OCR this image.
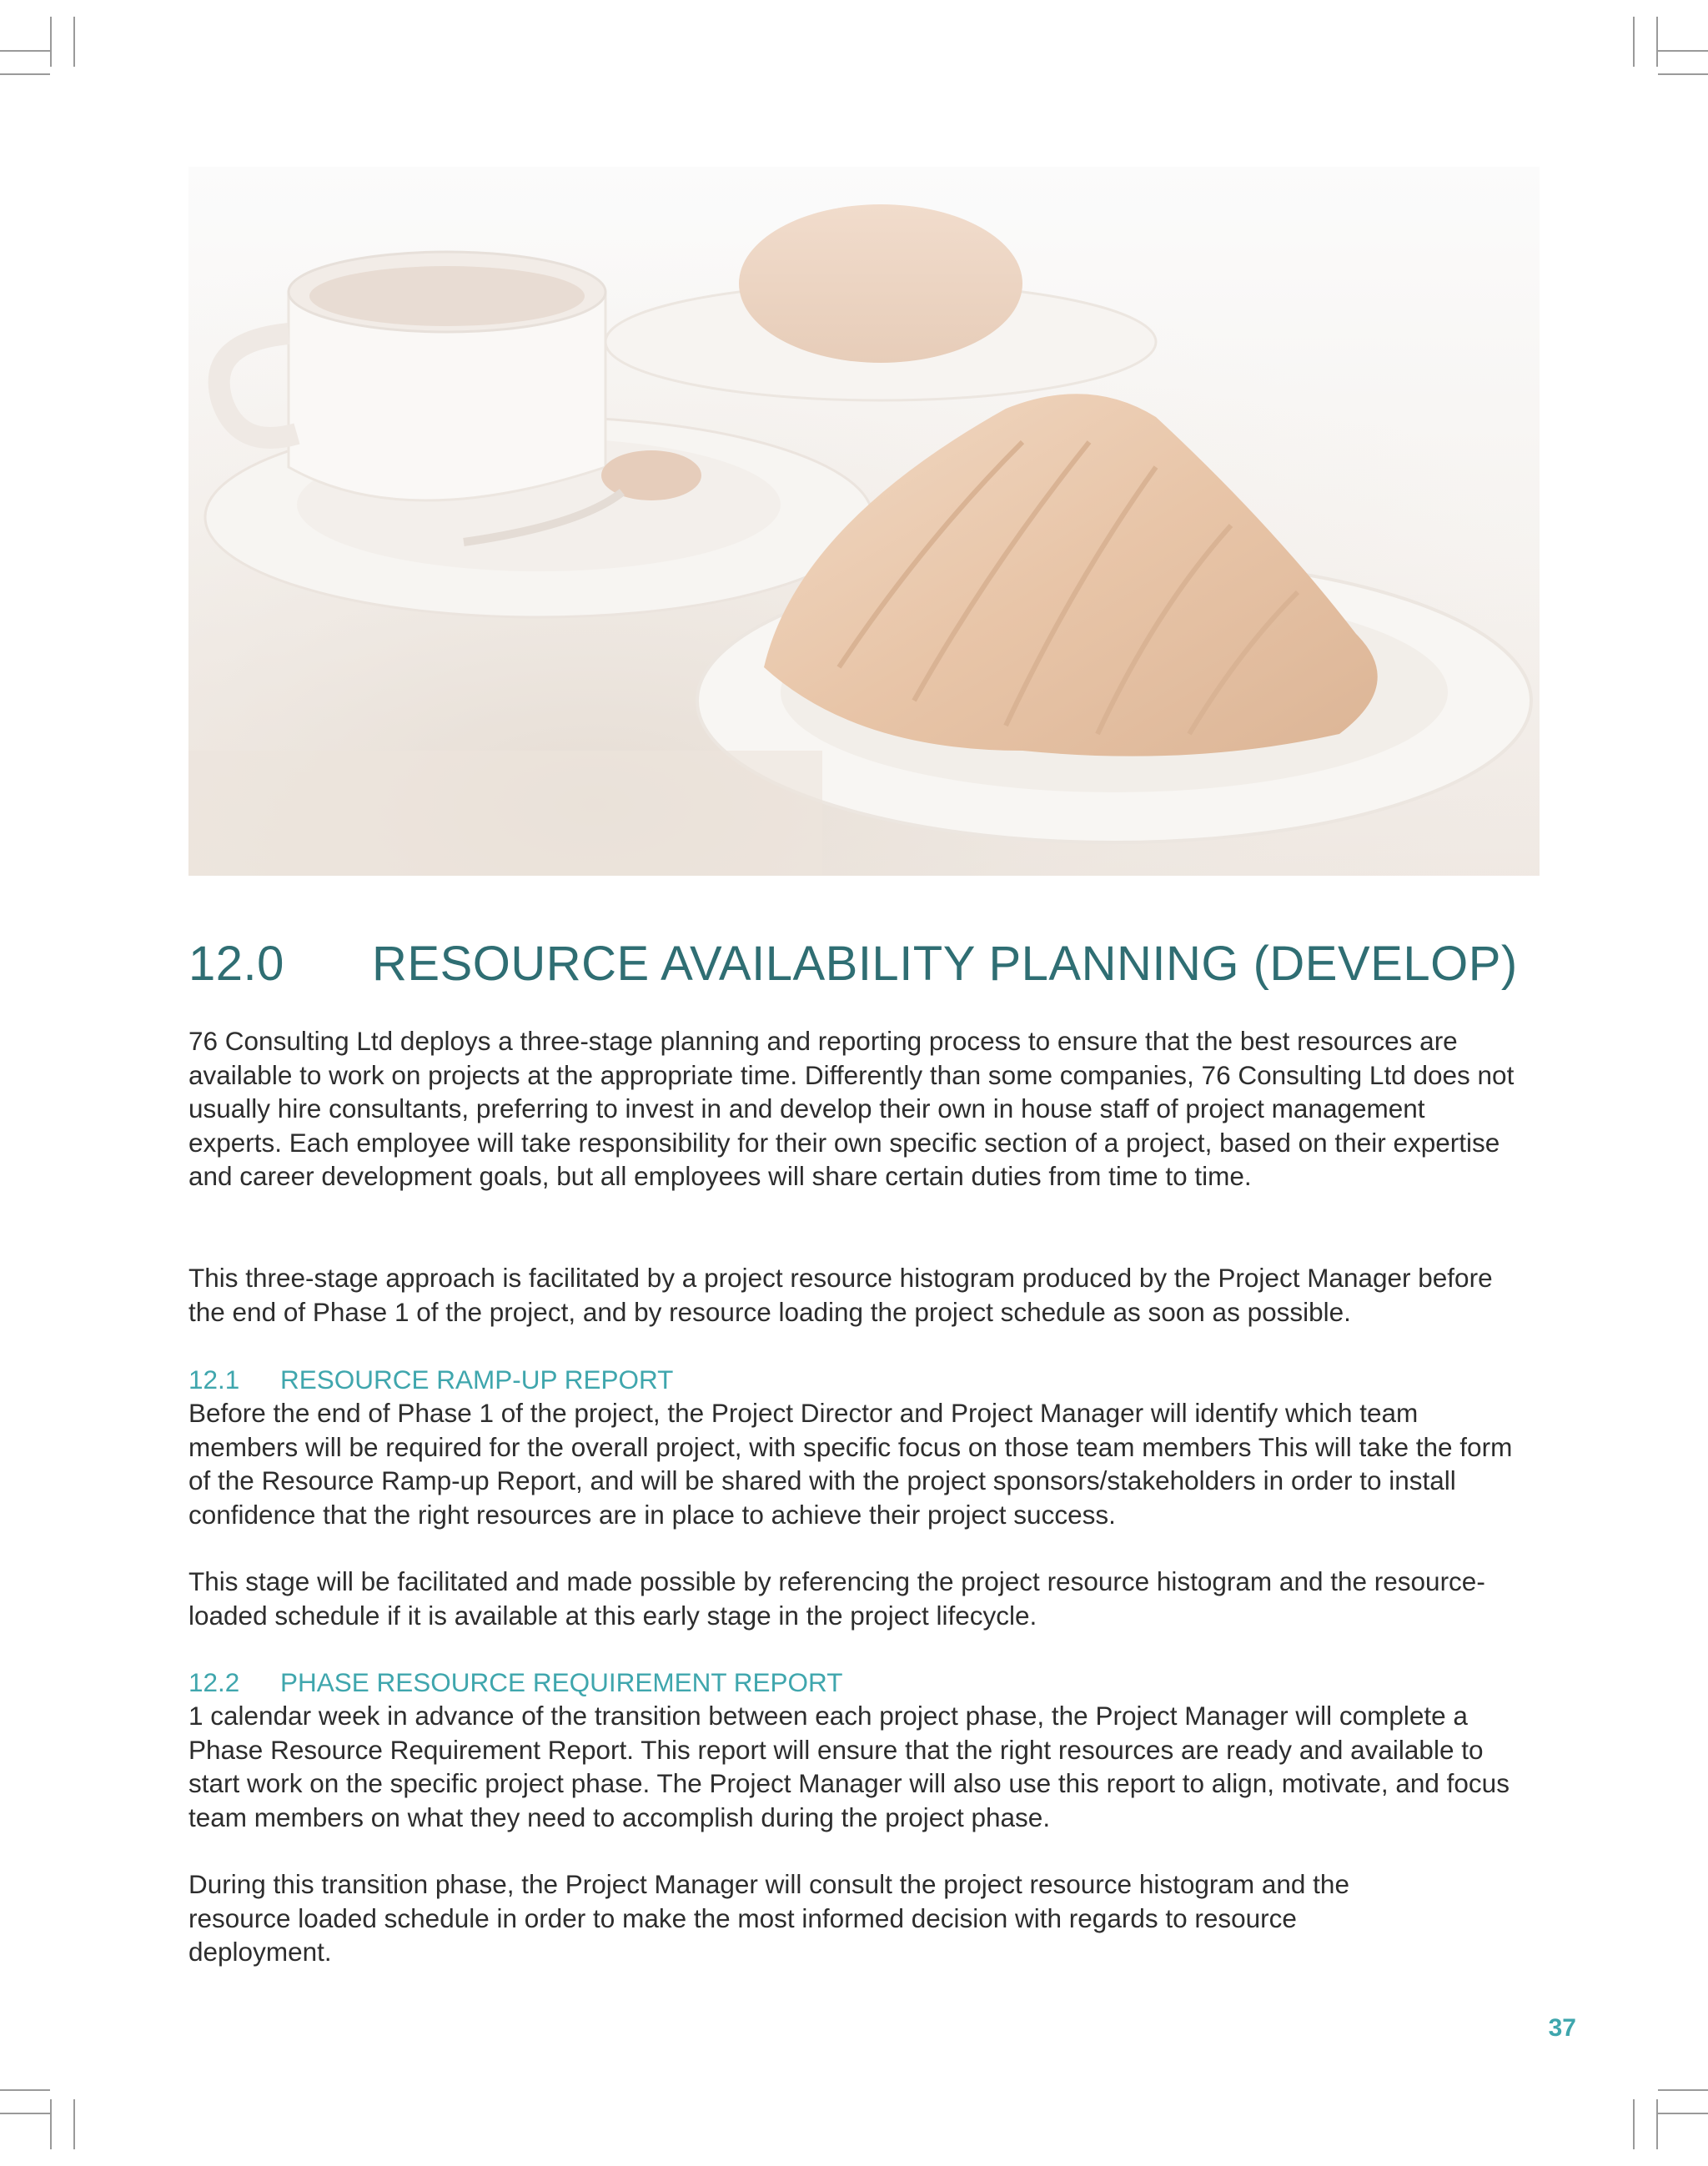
12.0 RESOURCE AVAILABILITY PLANNING (DEVELOP)
76 Consulting Ltd deploys a three-stage planning and reporting process to ensure that the best resources are available to work on projects at the appropriate time. Differently than some companies, 76 Consulting Ltd does not usually hire consultants, preferring to invest in and develop their own in house staff of project management experts. Each employee will take responsibility for their own specific section of a project, based on their expertise and career development goals, but all employees will share certain duties from time to time.
This three-stage approach is facilitated by a project resource histogram produced by the Project Manager before the end of Phase 1 of the project, and by resource loading the project schedule as soon as possible.
12.1 RESOURCE RAMP-UP REPORT
Before the end of Phase 1 of the project, the Project Director and Project Manager will identify which team members will be required for the overall project, with specific focus on those team members This will take the form of the Resource Ramp-up Report, and will be shared with the project sponsors/stakeholders in order to install confidence that the right resources are in place to achieve their project success.
This stage will be facilitated and made possible by referencing the project resource histogram and the resource-loaded schedule if it is available at this early stage in the project lifecycle.
12.2 PHASE RESOURCE REQUIREMENT REPORT
1 calendar week in advance of the transition between each project phase, the Project Manager will complete a Phase Resource Requirement Report. This report will ensure that the right resources are ready and available to start work on the specific project phase. The Project Manager will also use this report to align, motivate, and focus team members on what they need to accomplish during the project phase.
During this transition phase, the Project Manager will consult the project resource histogram and the resource loaded schedule in order to make the most informed decision with regards to resource deployment.
37
